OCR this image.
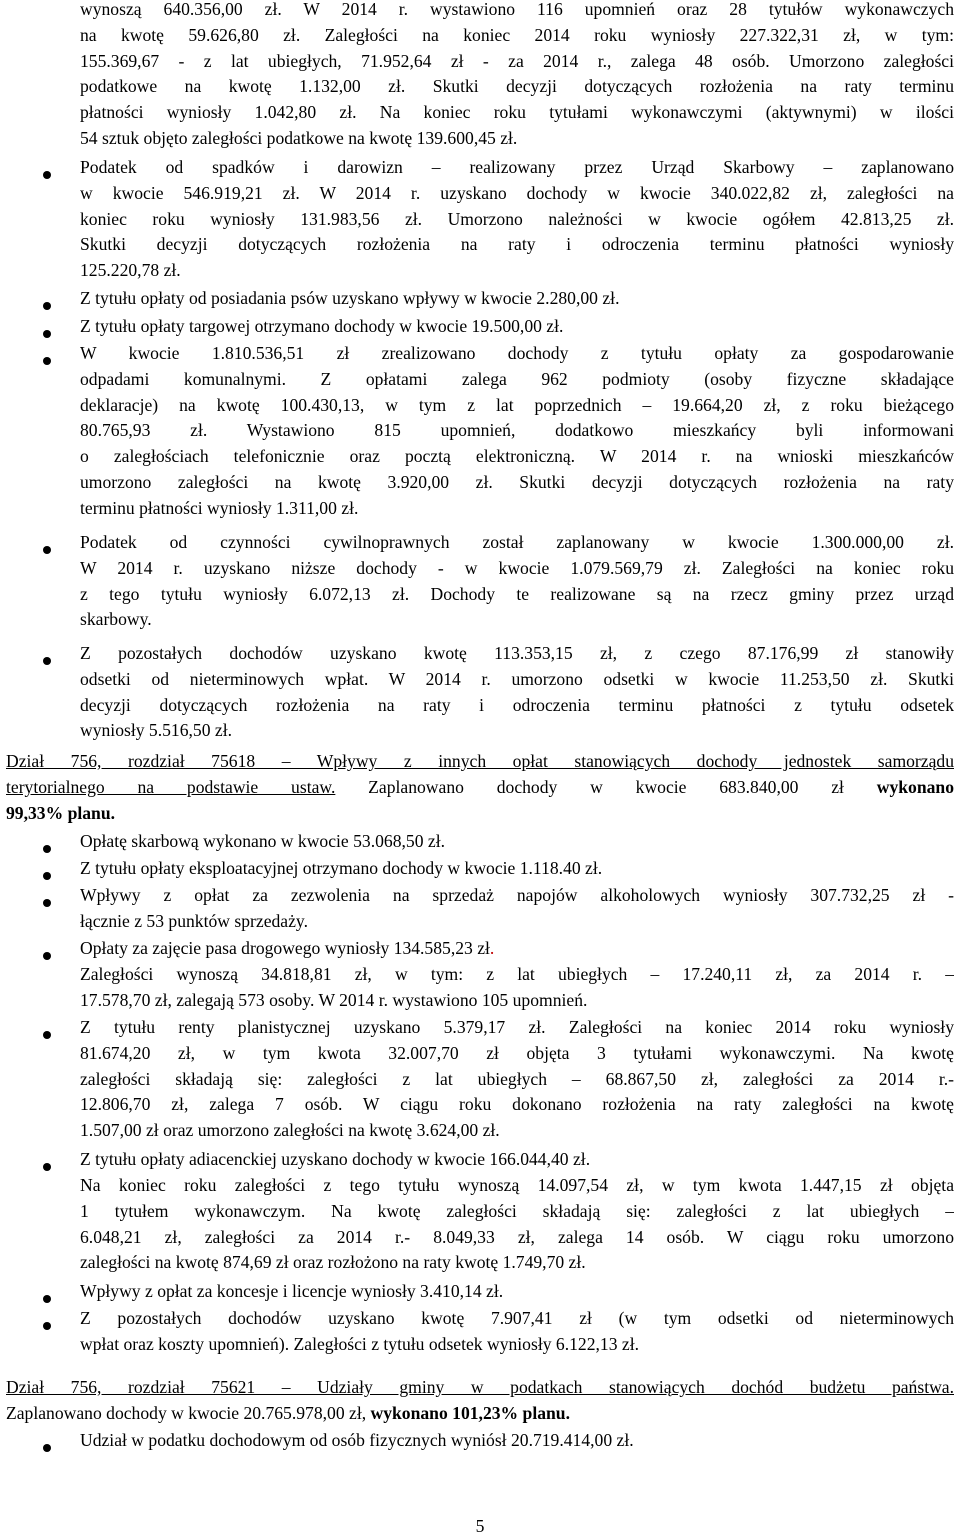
wynoszą 640.356,00 zł. W 2014 r. wystawiono 116 upomnień oraz 28 tytułów wykonawczych

na kwotę 59.626,80 zł. Zaległości na koniec 2014 roku wyniosły 227.322,31 zł, w tym:

155.369,67 - z lat ubiegłych, 71.952,64 zł - za 2014 r., zalega 48 osób. Umorzono zaległości

podatkowe na kwotę 1.132,00 zł. Skutki decyzji dotyczących rozłożenia na raty terminu

płatności wyniosły 1.042,80 zł. Na koniec roku tytułami wykonawczymi (aktywnymi) w ilości

54 sztuk objęto zaległości podatkowe na kwotę 139.600,45 zł.

Podatek od spadków i darowizn – realizowany przez Urząd Skarbowy – zaplanowano

w kwocie 546.919,21 zł. W 2014 r. uzyskano dochody w kwocie 340.022,82 zł, zaległości na

koniec roku wyniosły 131.983,56 zł. Umorzono należności w kwocie ogółem 42.813,25 zł.

Skutki decyzji dotyczących rozłożenia na raty i odroczenia terminu płatności wyniosły

125.220,78 zł.

Z tytułu opłaty od posiadania psów uzyskano wpływy w kwocie 2.280,00 zł.

Z tytułu opłaty targowej otrzymano dochody w kwocie 19.500,00 zł.

W kwocie 1.810.536,51 zł zrealizowano dochody z tytułu opłaty za gospodarowanie

odpadami komunalnymi. Z opłatami zalega 962 podmioty (osoby fizyczne składające

deklaracje) na kwotę 100.430,13, w tym z lat poprzednich – 19.664,20 zł, z roku bieżącego

80.765,93 zł. Wystawiono 815 upomnień, dodatkowo mieszkańcy byli informowani

o zaległościach telefonicznie oraz pocztą elektroniczną. W 2014 r. na wnioski mieszkańców

umorzono zaległości na kwotę 3.920,00 zł. Skutki decyzji dotyczących rozłożenia na raty

terminu płatności wyniosły 1.311,00 zł.

Podatek od czynności cywilnoprawnych został zaplanowany w kwocie 1.300.000,00 zł.

W 2014 r. uzyskano niższe dochody - w kwocie 1.079.569,79 zł. Zaległości na koniec roku

z tego tytułu wyniosły 6.072,13 zł. Dochody te realizowane są na rzecz gminy przez urząd

skarbowy.

Z pozostałych dochodów uzyskano kwotę 113.353,15 zł, z czego 87.176,99 zł stanowiły

odsetki od nieterminowych wpłat. W 2014 r. umorzono odsetki w kwocie 11.253,50 zł. Skutki

decyzji dotyczących rozłożenia na raty i odroczenia terminu płatności z tytułu odsetek

wyniosły 5.516,50 zł.

Dział 756, rozdział 75618 – Wpływy z innych opłat stanowiących dochody jednostek samorządu

terytorialnego na podstawie ustaw. Zaplanowano dochody w kwocie 683.840,00 zł wykonano

99,33% planu.

Opłatę skarbową wykonano w kwocie 53.068,50 zł.

Z tytułu opłaty eksploatacyjnej otrzymano dochody w kwocie 1.118.40 zł.

Wpływy z opłat za zezwolenia na sprzedaż napojów alkoholowych wyniosły 307.732,25 zł -

łącznie z 53 punktów sprzedaży.

Opłaty za zajęcie pasa drogowego wyniosły 134.585,23 zł.

Zaległości wynoszą 34.818,81 zł, w tym: z lat ubiegłych – 17.240,11 zł, za 2014 r. –

17.578,70 zł, zalegają 573 osoby. W 2014 r. wystawiono 105 upomnień.

Z tytułu renty planistycznej uzyskano 5.379,17 zł. Zaległości na koniec 2014 roku wyniosły

81.674,20 zł, w tym kwota 32.007,70 zł objęta 3 tytułami wykonawczymi. Na kwotę

zaległości składają się: zaległości z lat ubiegłych – 68.867,50 zł, zaległości za 2014 r.-

12.806,70 zł, zalega 7 osób. W ciągu roku dokonano rozłożenia na raty zaległości na kwotę

1.507,00 zł oraz umorzono zaległości na kwotę 3.624,00 zł.

Z tytułu opłaty adiacenckiej uzyskano dochody w kwocie 166.044,40 zł.

Na koniec roku zaległości z tego tytułu wynoszą 14.097,54 zł, w tym kwota 1.447,15 zł objęta

1 tytułem wykonawczym. Na kwotę zaległości składają się: zaległości z lat ubiegłych –

6.048,21 zł, zaległości za 2014 r.- 8.049,33 zł, zalega 14 osób. W ciągu roku umorzono

zaległości na kwotę 874,69 zł oraz rozłożono na raty kwotę 1.749,70 zł.

Wpływy z opłat za koncesje i licencje wyniosły 3.410,14 zł.

Z pozostałych dochodów uzyskano kwotę 7.907,41 zł (w tym odsetki od nieterminowych

wpłat oraz koszty upomnień). Zaległości z tytułu odsetek wyniosły 6.122,13 zł.

Dział 756, rozdział 75621 – Udziały gminy w podatkach stanowiących dochód budżetu państwa.

Zaplanowano dochody w kwocie 20.765.978,00 zł, wykonano 101,23% planu.

Udział w podatku dochodowym od osób fizycznych wyniósł 20.719.414,00 zł.

5
